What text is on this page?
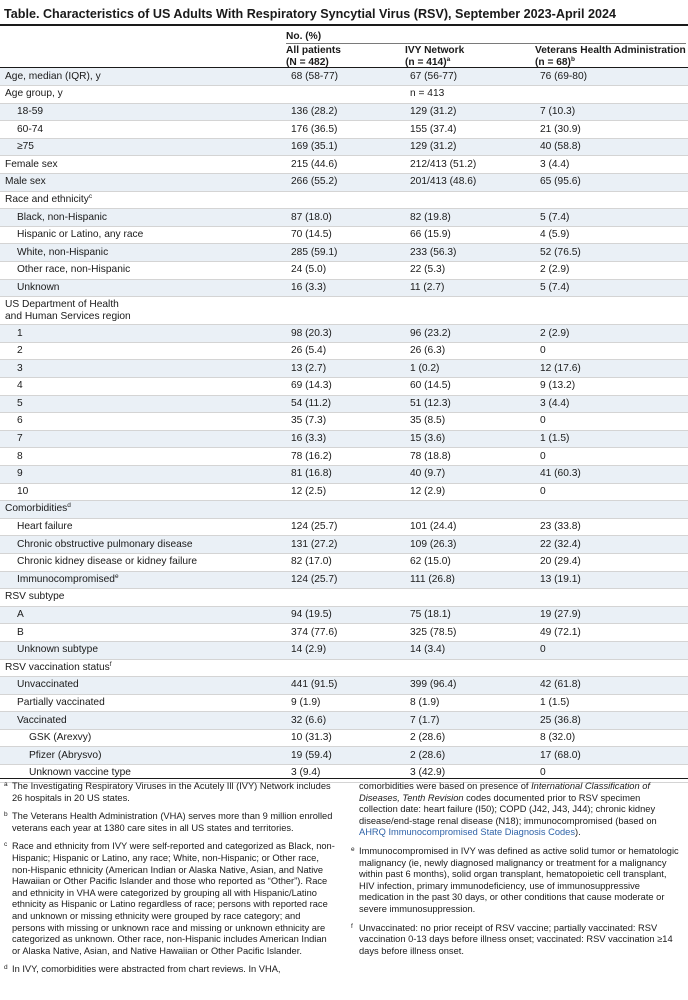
Table. Characteristics of US Adults With Respiratory Syncytial Virus (RSV), September 2023-April 2024
No. (%)
All patients
(N = 482)
IVY Network
(n = 414)$^a$
Veterans Health Administration
(n = 68)$^b$
Age, median (IQR), y	68 (58-77)	67 (56-77)	76 (69-80)
Age group, y		n = 413	
18-59	136 (28.2)	129 (31.2)	7 (10.3)
60-74	176 (36.5)	155 (37.4)	21 (30.9)
≥75	169 (35.1)	129 (31.2)	40 (58.8)
Female sex	215 (44.6)	212/413 (51.2)	3 (4.4)
Male sex	266 (55.2)	201/413 (48.6)	65 (95.6)
Race and ethnicity$^c$			
Black, non-Hispanic	87 (18.0)	82 (19.8)	5 (7.4)
Hispanic or Latino, any race	70 (14.5)	66 (15.9)	4 (5.9)
White, non-Hispanic	285 (59.1)	233 (56.3)	52 (76.5)
Other race, non-Hispanic	24 (5.0)	22 (5.3)	2 (2.9)
Unknown	16 (3.3)	11 (2.7)	5 (7.4)
US Department of Health
and Human Services region			
1	98 (20.3)	96 (23.2)	2 (2.9)
2	26 (5.4)	26 (6.3)	0
3	13 (2.7)	1 (0.2)	12 (17.6)
4	69 (14.3)	60 (14.5)	9 (13.2)
5	54 (11.2)	51 (12.3)	3 (4.4)
6	35 (7.3)	35 (8.5)	0
7	16 (3.3)	15 (3.6)	1 (1.5)
8	78 (16.2)	78 (18.8)	0
9	81 (16.8)	40 (9.7)	41 (60.3)
10	12 (2.5)	12 (2.9)	0
Comorbidities$^d$			
Heart failure	124 (25.7)	101 (24.4)	23 (33.8)
Chronic obstructive pulmonary disease	131 (27.2)	109 (26.3)	22 (32.4)
Chronic kidney disease or kidney failure	82 (17.0)	62 (15.0)	20 (29.4)
Immunocompromised$^e$	124 (25.7)	111 (26.8)	13 (19.1)
RSV subtype			
A	94 (19.5)	75 (18.1)	19 (27.9)
B	374 (77.6)	325 (78.5)	49 (72.1)
Unknown subtype	14 (2.9)	14 (3.4)	0
RSV vaccination status$^f$			
Unvaccinated	441 (91.5)	399 (96.4)	42 (61.8)
Partially vaccinated	9 (1.9)	8 (1.9)	1 (1.5)
Vaccinated	32 (6.6)	7 (1.7)	25 (36.8)
GSK (Arexvy)	10 (31.3)	2 (28.6)	8 (32.0)
Pfizer (Abrysvo)	19 (59.4)	2 (28.6)	17 (68.0)
Unknown vaccine type	3 (9.4)	3 (42.9)	0
a The Investigating Respiratory Viruses in the Acutely Ill (IVY) Network includes 26 hospitals in 20 US states.
b The Veterans Health Administration (VHA) serves more than 9 million enrolled veterans each year at 1380 care sites in all US states and territories.
c Race and ethnicity from IVY were self-reported and categorized as Black, non-Hispanic; Hispanic or Latino, any race; White, non-Hispanic; or Other race, non-Hispanic ethnicity (American Indian or Alaska Native, Asian, and Native Hawaiian or Other Pacific Islander and those who reported as “Other”). Race and ethnicity in VHA were categorized by grouping all with Hispanic/Latino ethnicity as Hispanic or Latino regardless of race; persons with reported race and unknown or missing ethnicity were grouped by race category; and persons with missing or unknown race and missing or unknown ethnicity are categorized as unknown. Other race, non-Hispanic includes American Indian or Alaska Native, Asian, and Native Hawaiian or Other Pacific Islander.
d In IVY, comorbidities were abstracted from chart reviews. In VHA,
comorbidities were based on presence of International Classification of Diseases, Tenth Revision codes documented prior to RSV specimen collection date: heart failure (I50); COPD (J42, J43, J44); chronic kidney disease/end-stage renal disease (N18); immunocompromised (based on AHRQ Immunocompromised State Diagnosis Codes).
e Immunocompromised in IVY was defined as active solid tumor or hematologic malignancy (ie, newly diagnosed malignancy or treatment for a malignancy within past 6 months), solid organ transplant, hematopoietic cell transplant, HIV infection, primary immunodeficiency, use of immunosuppressive medication in the past 30 days, or other conditions that cause moderate or severe immunosuppression.
f Unvaccinated: no prior receipt of RSV vaccine; partially vaccinated: RSV vaccination 0-13 days before illness onset; vaccinated: RSV vaccination ≥14 days before illness onset.
